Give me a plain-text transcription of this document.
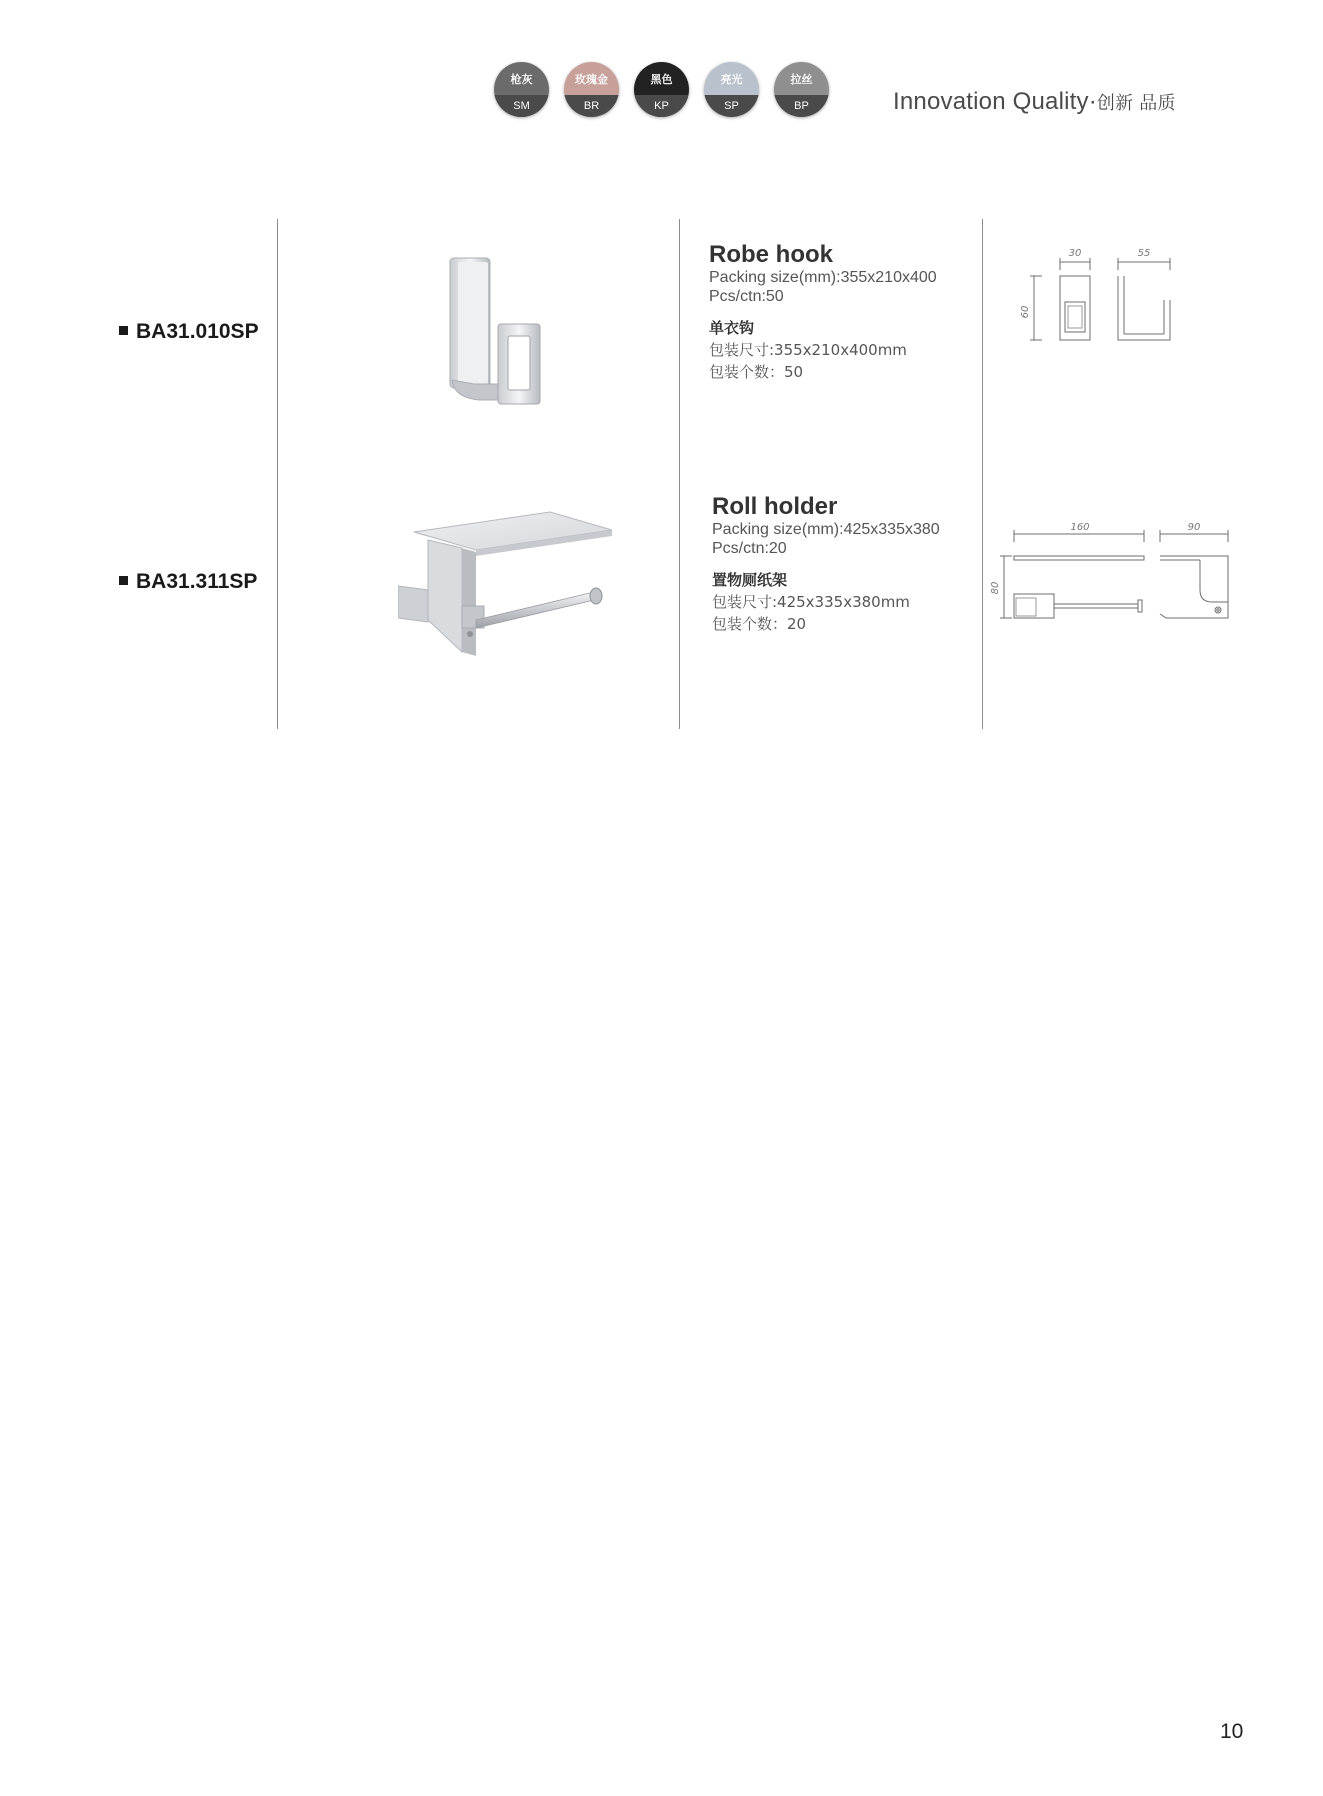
枪灰
SM
玫瑰金
BR
黑色
KP
亮光
SP
拉丝
BP	Innovation Quality·创新 品质
BA31.010SP
Robe hook
Packing size(mm):355x210x400
Pcs/ctn:50
单衣钩
包装尺寸:355x210x400mm
包装个数：50
30	55
60
BA31.311SP
Roll holder
Packing size(mm):425x335x380
Pcs/ctn:20
置物厕纸架
包装尺寸:425x335x380mm
包装个数：20
160	90
80
10
